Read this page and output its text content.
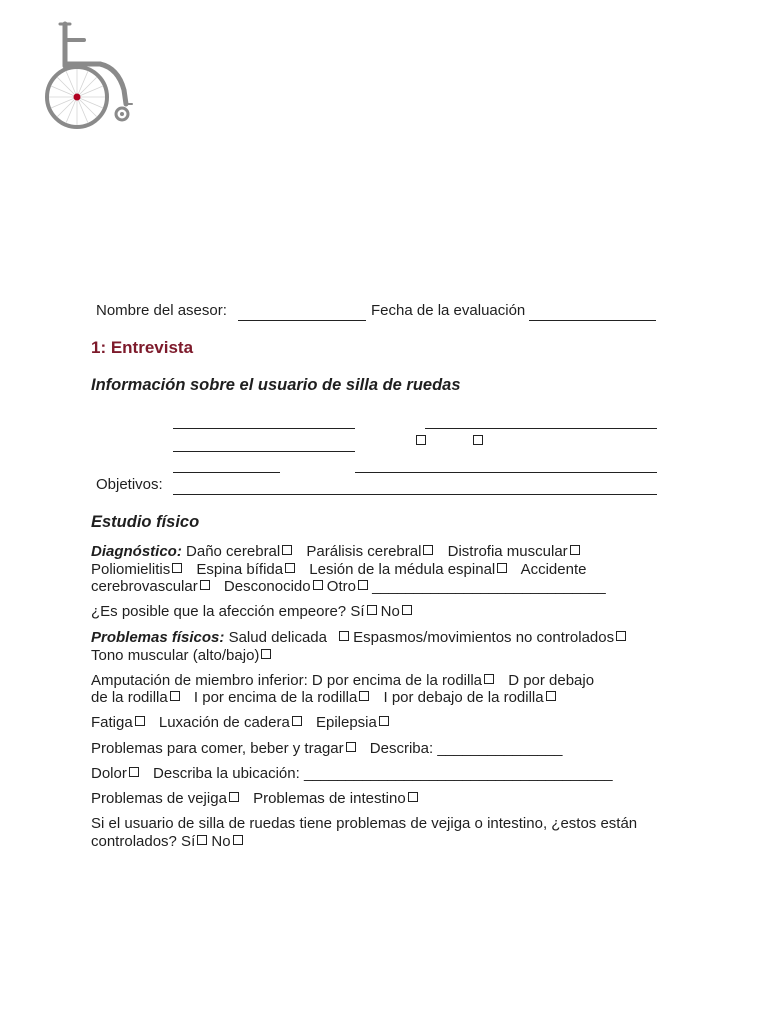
Nombre del asesor:	Fecha de la evaluación
1: Entrevista
Información sobre el usuario de silla de ruedas
Objetivos:
Estudio físico
Diagnóstico: Daño cerebral Parálisis cerebral Distrofia muscular
Poliomielitis Espina bífida Lesión de la médula espinal Accidente
cerebrovascular Desconocido Otro ____________________________
¿Es posible que la afección empeore? Sí No
Problemas físicos: Salud delicada Espasmos/movimientos no controlados
Tono muscular (alto/bajo)
Amputación de miembro inferior: D por encima de la rodilla D por debajo
de la rodilla I por encima de la rodilla I por debajo de la rodilla
Fatiga Luxación de cadera Epilepsia
Problemas para comer, beber y tragar Describa: _______________
Dolor Describa la ubicación: _____________________________________
Problemas de vejiga Problemas de intestino
Si el usuario de silla de ruedas tiene problemas de vejiga o intestino, ¿estos están
controlados? Sí No
